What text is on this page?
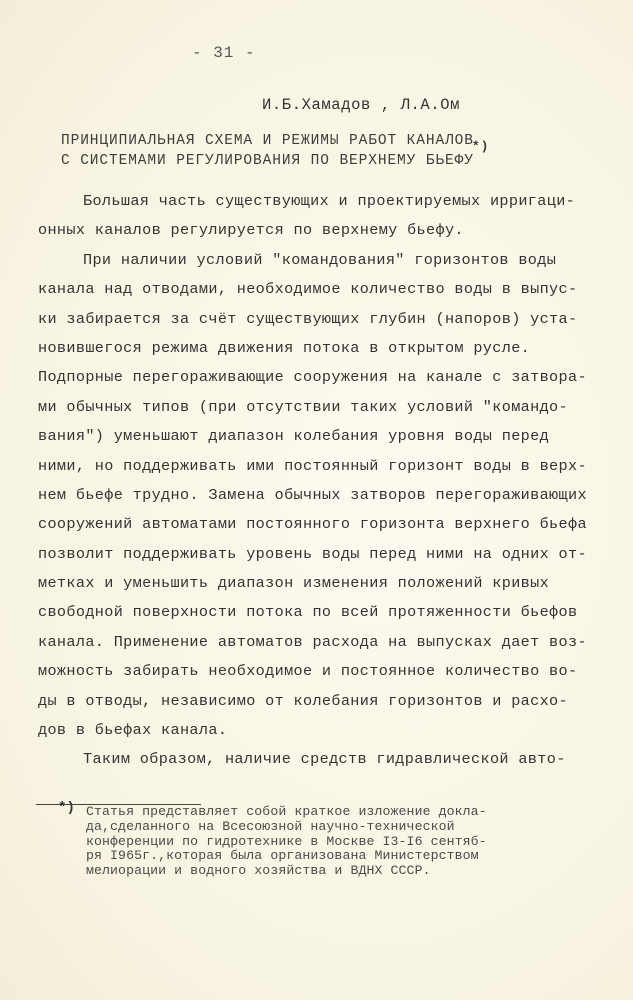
- 31 -
И.Б.Хамадов , Л.А.Ом
ПРИНЦИПИАЛЬНАЯ СХЕМА И РЕЖИМЫ РАБОТ КАНАЛОВ*)
С СИСТЕМАМИ РЕГУЛИРОВАНИЯ ПО ВЕРХНЕМУ БЬЕФУ
Большая часть существующих и проектируемых ирригаци-
онных каналов регулируется по верхнему бьефу.
При наличии условий "командования" горизонтов воды
канала над отводами, необходимое количество воды в выпус-
ки забирается за счёт существующих глубин (напоров) уста-
новившегося режима движения потока в открытом русле.
Подпорные перегораживающие сооружения на канале с затвора-
ми обычных типов (при отсутствии таких условий "командо-
вания") уменьшают диапазон колебания уровня воды перед
ними, но поддерживать ими постоянный горизонт воды в верх-
нем бьефе трудно. Замена обычных затворов перегораживающих
сооружений автоматами постоянного горизонта верхнего бьефа
позволит поддерживать уровень воды перед ними на одних от-
метках и уменьшить диапазон изменения положений кривых
свободной поверхности потока по всей протяженности бьефов
канала. Применение автоматов расхода на выпусках дает воз-
можность забирать необходимое и постоянное количество во-
ды в отводы, независимо от колебания горизонтов и расхо-
дов в бьефах канала.
Таким образом, наличие средств гидравлической авто-
*) Статья представляет собой краткое изложение докла-
да,сделанного на Всесоюзной научно-технической
конференции по гидротехнике в Москве I3-I6 сентяб-
ря I965г.,которая была организована Министерством
мелиорации и водного хозяйства и ВДНХ СССР.
